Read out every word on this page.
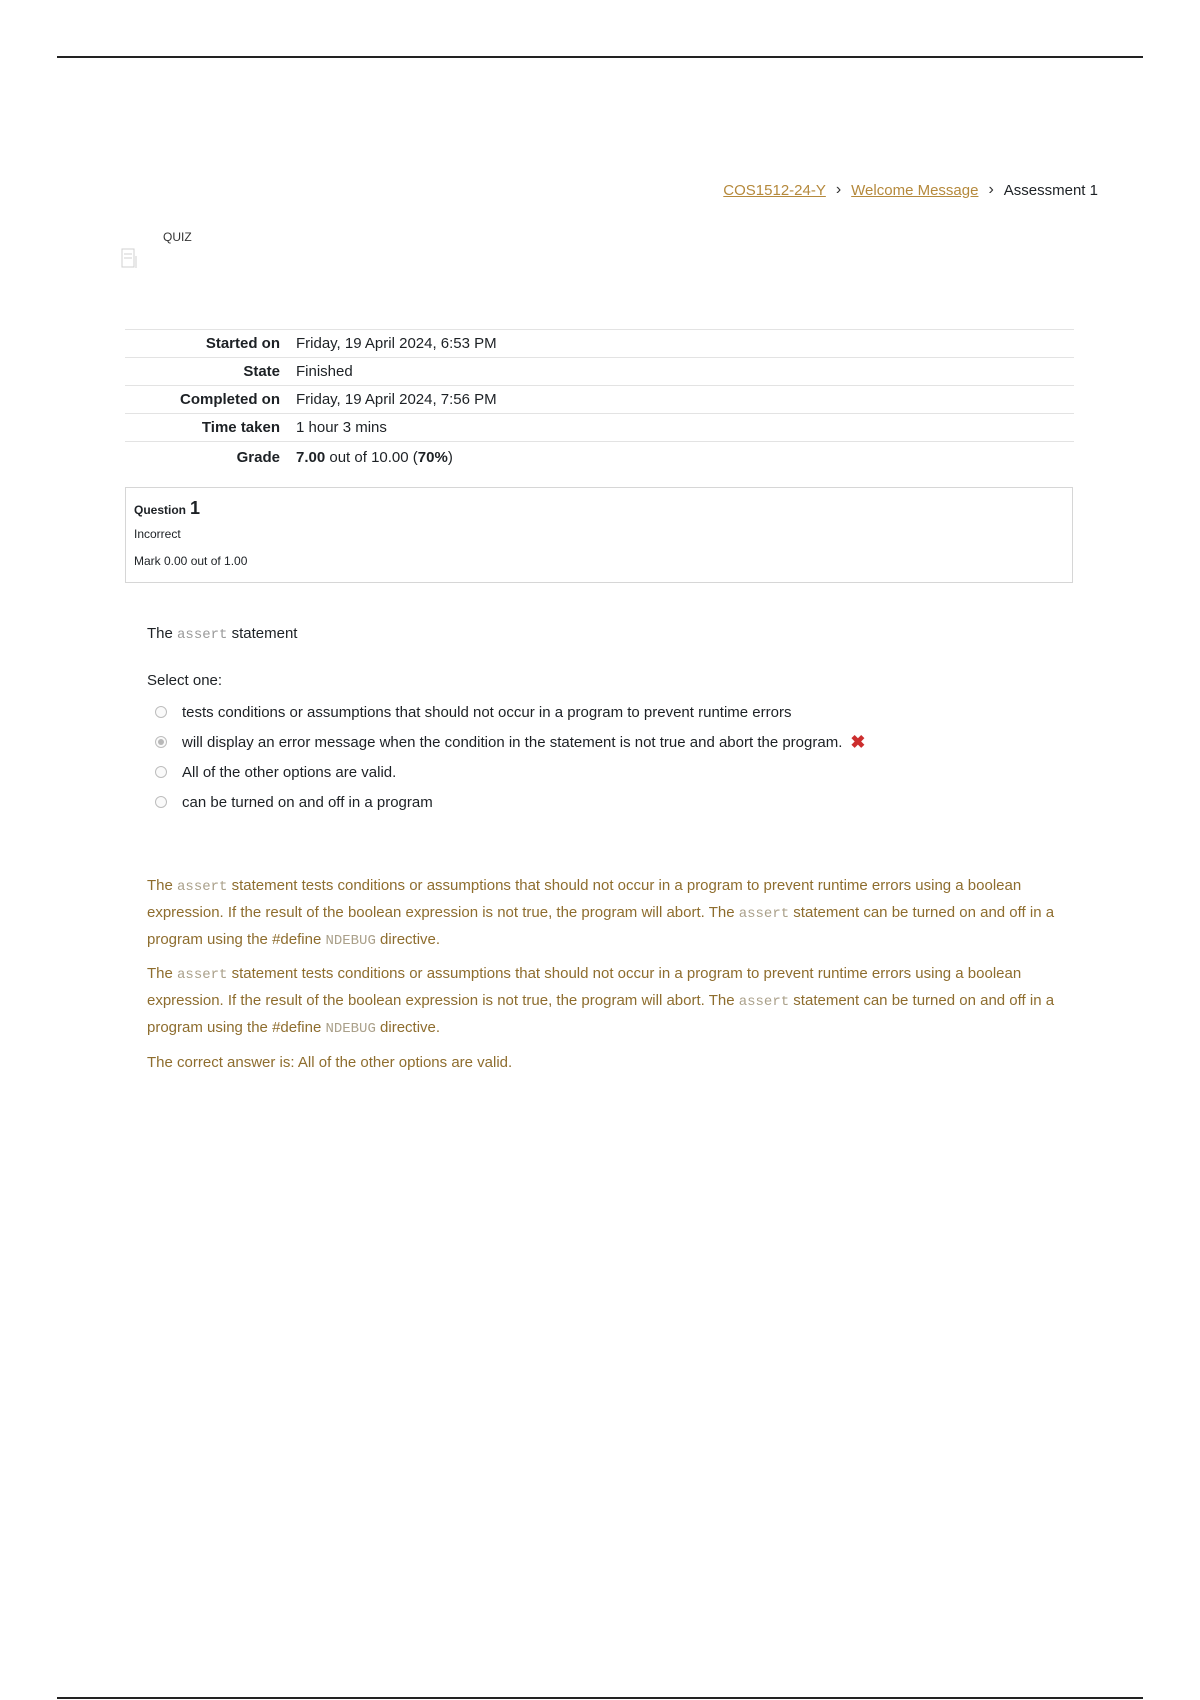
COS1512-24-Y › Welcome Message › Assessment 1
QUIZ
Started on	Friday, 19 April 2024, 6:53 PM
State	Finished
Completed on	Friday, 19 April 2024, 7:56 PM
Time taken	1 hour 3 mins
Grade	7.00 out of 10.00 (70%)
Question 1
Incorrect
Mark 0.00 out of 1.00
The assert statement
Select one:
tests conditions or assumptions that should not occur in a program to prevent runtime errors
will display an error message when the condition in the statement is not true and abort the program. ✖
All of the other options are valid.
can be turned on and off in a program

The assert statement tests conditions or assumptions that should not occur in a program to prevent runtime errors using a boolean expression. If the result of the boolean expression is not true, the program will abort. The assert statement can be turned on and off in a program using the #define NDEBUG directive.

The assert statement tests conditions or assumptions that should not occur in a program to prevent runtime errors using a boolean expression. If the result of the boolean expression is not true, the program will abort. The assert statement can be turned on and off in a program using the #define NDEBUG directive.

The correct answer is: All of the other options are valid.
